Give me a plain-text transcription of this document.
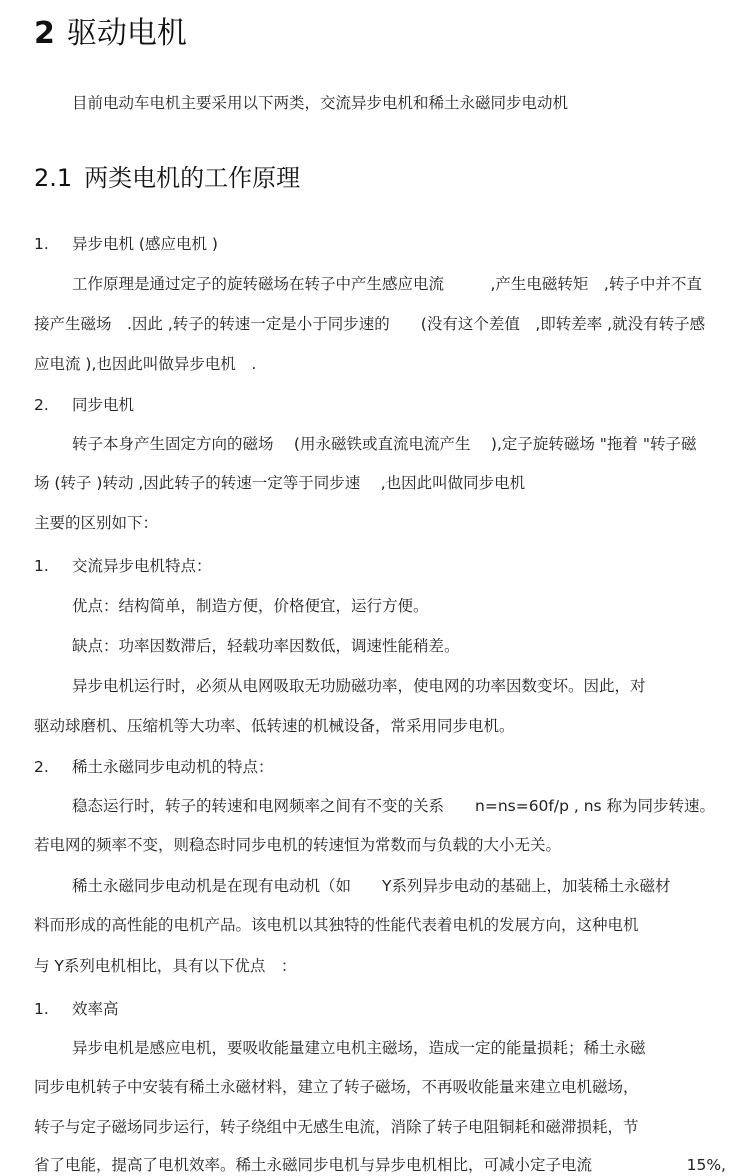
2 驱动电机
目前电动车电机主要采用以下两类，交流异步电机和稀土永磁同步电动机
2.1 两类电机的工作原理
1. 异步电机 (感应电机 )
工作原理是通过定子的旋转磁场在转子中产生感应电流　　　,产生电磁转矩　,转子中并不直
接产生磁场　.因此 ,转子的转速一定是小于同步速的　　(没有这个差值　,即转差率 ,就没有转子感
应电流 ),也因此叫做异步电机　.
2. 同步电机
转子本身产生固定方向的磁场　 (用永磁铁或直流电流产生　 ),定子旋转磁场 "拖着 "转子磁
场 (转子 )转动 ,因此转子的转速一定等于同步速　 ,也因此叫做同步电机
主要的区别如下：
1. 交流异步电机特点：
优点：结构简单，制造方便，价格便宜，运行方便。
缺点：功率因数滞后，轻载功率因数低，调速性能稍差。
异步电机运行时，必须从电网吸取无功励磁功率，使电网的功率因数变坏。因此，对
驱动球磨机、压缩机等大功率、低转速的机械设备，常采用同步电机。
2. 稀土永磁同步电动机的特点：
稳态运行时，转子的转速和电网频率之间有不变的关系　　n=ns=60f/p , ns 称为同步转速。
若电网的频率不变，则稳态时同步电机的转速恒为常数而与负载的大小无关。
稀土永磁同步电动机是在现有电动机（如　　Y系列异步电动的基础上，加装稀土永磁材
料而形成的高性能的电机产品。该电机以其独特的性能代表着电机的发展方向，这种电机
与 Y系列电机相比，具有以下优点　：
1. 效率高
异步电机是感应电机，要吸收能量建立电机主磁场，造成一定的能量损耗；稀土永磁
同步电机转子中安装有稀土永磁材料，建立了转子磁场，不再吸收能量来建立电机磁场，
转子与定子磁场同步运行，转子绕组中无感生电流，消除了转子电阻铜耗和磁滞损耗，节
省了电能，提高了电机效率。稀土永磁同步电机与异步电机相比，可减小定子电流	15%,
